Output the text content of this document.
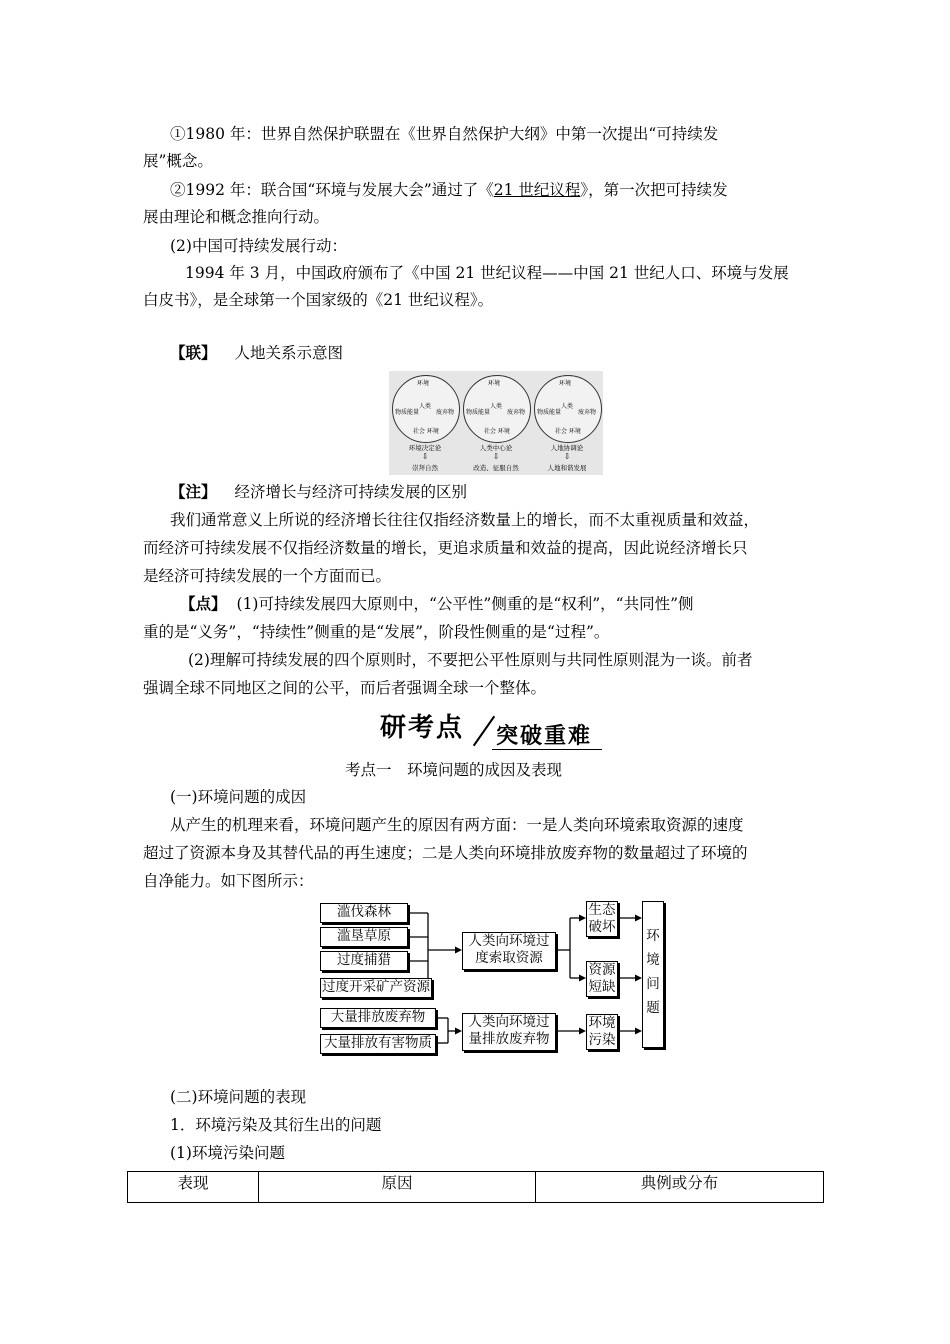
①1980 年：世界自然保护联盟在《世界自然保护大纲》中第一次提出“可持续发
展”概念。
②1992 年：联合国“环境与发展大会”通过了《21 世纪议程》，第一次把可持续发
展由理论和概念推向行动。
(2)中国可持续发展行动：
1994 年 3 月，中国政府颁布了《中国 21 世纪议程——中国 21 世纪人口、环境与发展
白皮书》，是全球第一个国家级的《21 世纪议程》。
【联】 人地关系示意图
环境
人类
物质能量	废弃物
社会 环境
环境决定论
⇩
崇拜自然
环境
人类
物质能量	废弃物
社会 环境
人类中心论
⇩
改造、征服自然
环境
人类
物质能量	废弃物
社会 环境
人地协调论
⇩
人地和谐发展
【注】 经济增长与经济可持续发展的区别
我们通常意义上所说的经济增长往往仅指经济数量上的增长，而不太重视质量和效益，
而经济可持续发展不仅指经济数量的增长，更追求质量和效益的提高，因此说经济增长只
是经济可持续发展的一个方面而已。
【点】 (1)可持续发展四大原则中，“公平性”侧重的是“权利”，“共同性”侧
重的是“义务”，“持续性”侧重的是“发展”，阶段性侧重的是“过程”。
(2)理解可持续发展的四个原则时，不要把公平性原则与共同性原则混为一谈。前者
强调全球不同地区之间的公平，而后者强调全球一个整体。
研考点 突破重难
考点一　环境问题的成因及表现
(一)环境问题的成因
从产生的机理来看，环境问题产生的原因有两方面：一是人类向环境索取资源的速度
超过了资源本身及其替代品的再生速度；二是人类向环境排放废弃物的数量超过了环境的
自净能力。如下图所示：
滥伐森林
滥垦草原
过度捕猎
过度开采矿产资源
大量排放废弃物
大量排放有害物质
人类向环境过度索取资源
人类向环境过量排放废弃物
生态破坏
资源短缺
环境污染
环境问题
(二)环境问题的表现
1．环境污染及其衍生出的问题
(1)环境污染问题
表现	原因	典例或分布
